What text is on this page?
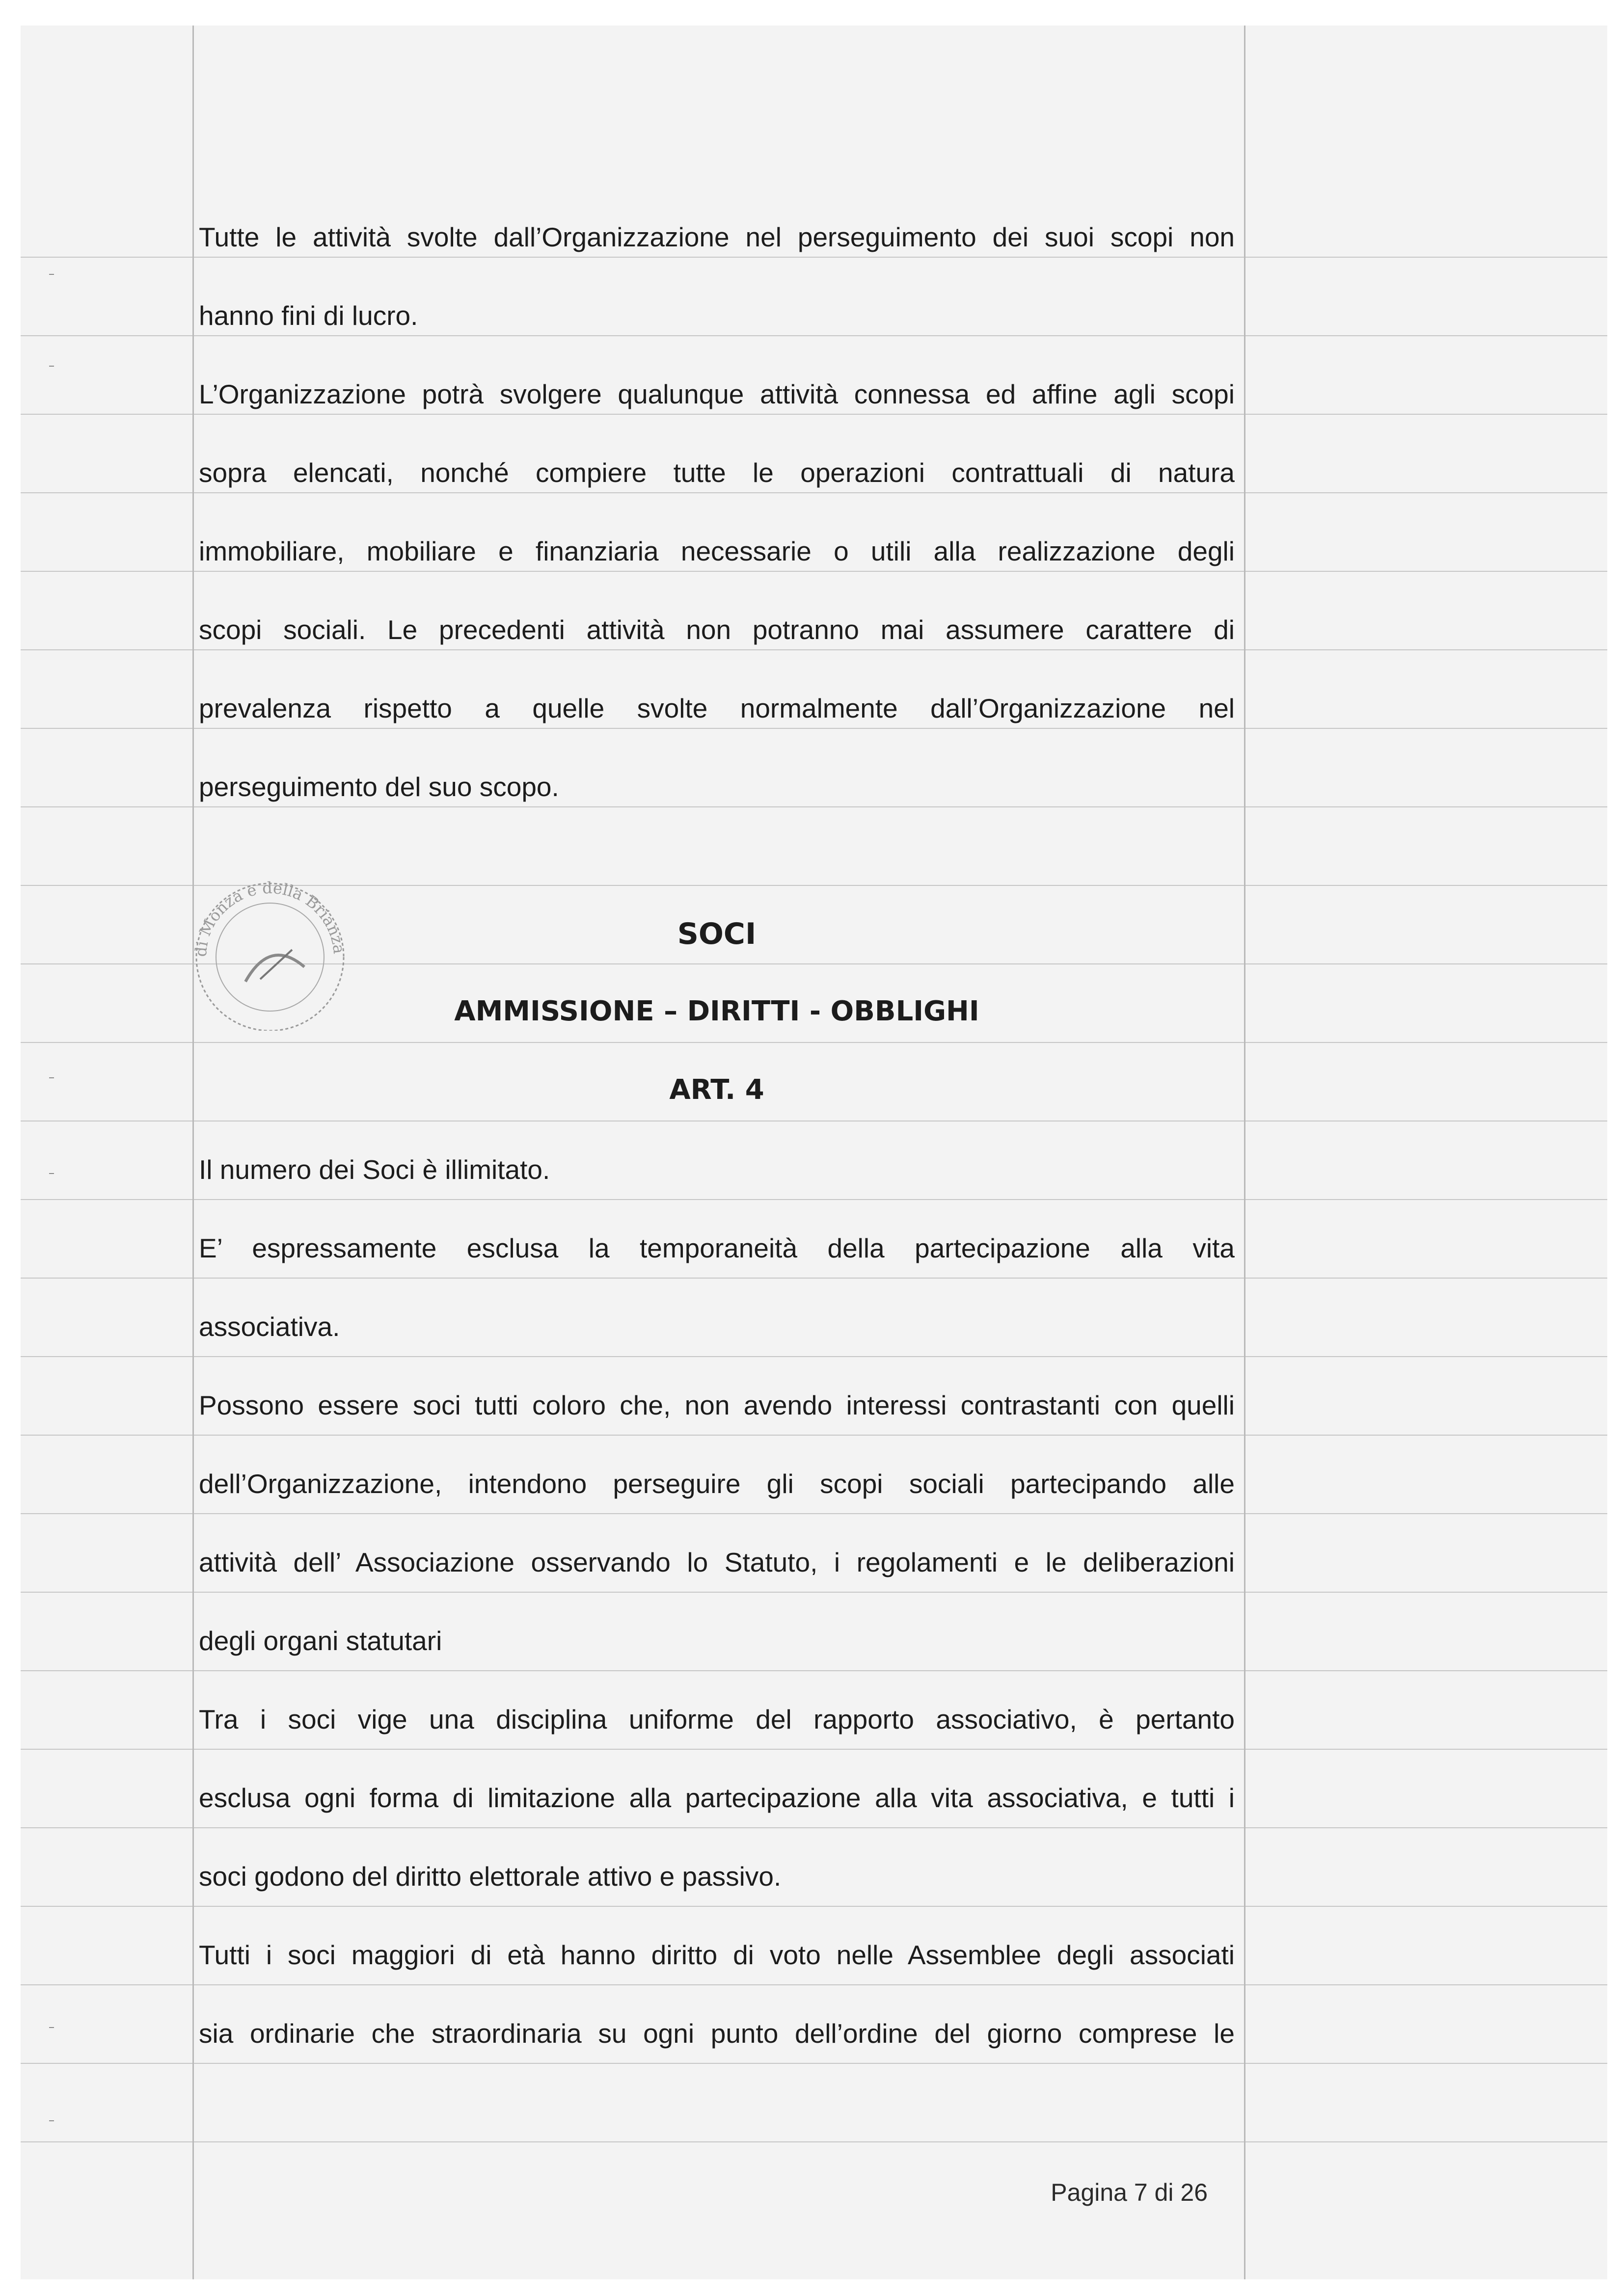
Tutte le attività svolte dall’Organizzazione nel perseguimento dei suoi scopi non
hanno fini di lucro.
L’Organizzazione potrà svolgere qualunque attività connessa ed affine agli scopi
sopra elencati, nonché compiere tutte le operazioni contrattuali di natura
immobiliare, mobiliare e finanziaria necessarie o utili alla realizzazione degli
scopi sociali. Le precedenti attività non potranno mai assumere carattere di
prevalenza rispetto a quelle svolte normalmente dall’Organizzazione nel
perseguimento del suo scopo.
di Monza e della Brianza	SOCI
AMMISSIONE – DIRITTI - OBBLIGHI
ART. 4
Il numero dei Soci è illimitato.
E’ espressamente esclusa la temporaneità della partecipazione alla vita
associativa.
Possono essere soci tutti coloro che, non avendo interessi contrastanti con quelli
dell’Organizzazione, intendono perseguire gli scopi sociali partecipando alle
attività dell’ Associazione osservando lo Statuto, i regolamenti e le deliberazioni
degli organi statutari
Tra i soci vige una disciplina uniforme del rapporto associativo, è pertanto
esclusa ogni forma di limitazione alla partecipazione alla vita associativa, e tutti i
soci godono del diritto elettorale attivo e passivo.
Tutti i soci maggiori di età hanno diritto di voto nelle Assemblee degli associati
sia ordinarie che straordinaria su ogni punto dell’ordine del giorno comprese le
Pagina 7 di 26
